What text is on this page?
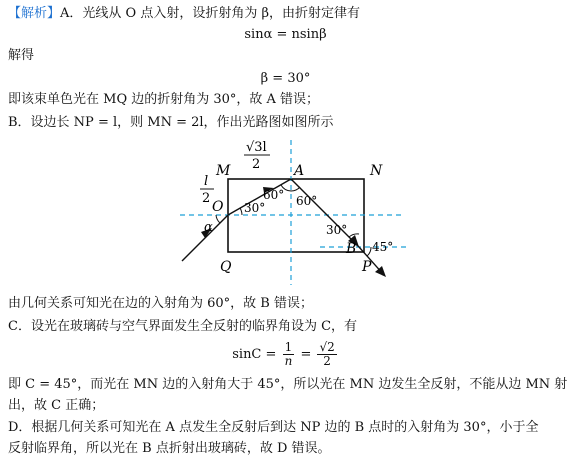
【解析】A．光线从 O 点入射，设折射角为 β，由折射定律有
sinα = nsinβ
解得
β = 30°
即该束单色光在 MQ 边的折射角为 30°，故 A 错误；
B．设边长 NP = l，则 MN = 2l，作出光路图如图所示
M	N
A
O
Q	P
B
√3l
2
l
2	60° 60°
30°
30°
45°
α
由几何关系可知光在边的入射角为 60°，故 B 错误；
C．设光在玻璃砖与空气界面发生全反射的临界角设为 C，有
$\sin C = \frac{1}{n} = \frac{√2}{2}$
即 C = 45°，而光在 MN 边的入射角大于 45°，所以光在 MN 边发生全反射，不能从边 MN 射
出，故 C 正确；
D．根据几何关系可知光在 A 点发生全反射后到达 NP 边的 B 点时的入射角为 30°，小于全
反射临界角，所以光在 B 点折射出玻璃砖，故 D 错误。
